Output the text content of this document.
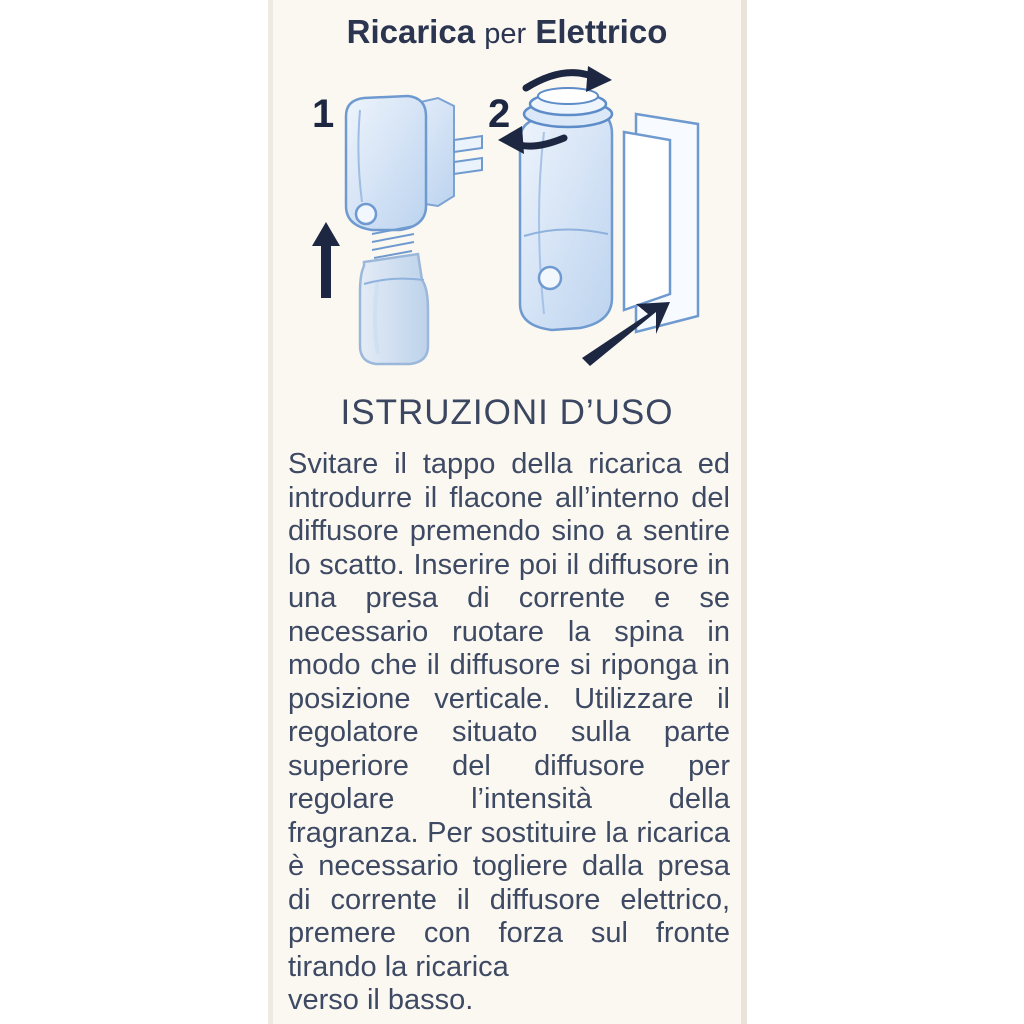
Ricarica per Elettrico
1	2
ISTRUZIONI D’USO

Svitare il tappo della ricarica ed introdurre il flacone all’interno del diffusore premendo sino a sentire lo scatto. Inserire poi il diffusore in una presa di corrente e se necessario ruotare la spina in modo che il diffusore si riponga in posizione verticale. Utilizzare il regolatore situato sulla parte superiore del diffusore per regolare l’intensità della fragranza. Per sostituire la ricarica è necessario togliere dalla presa di corrente il diffusore elettrico, premere con forza sul fronte tirando la ricarica

verso il basso.
